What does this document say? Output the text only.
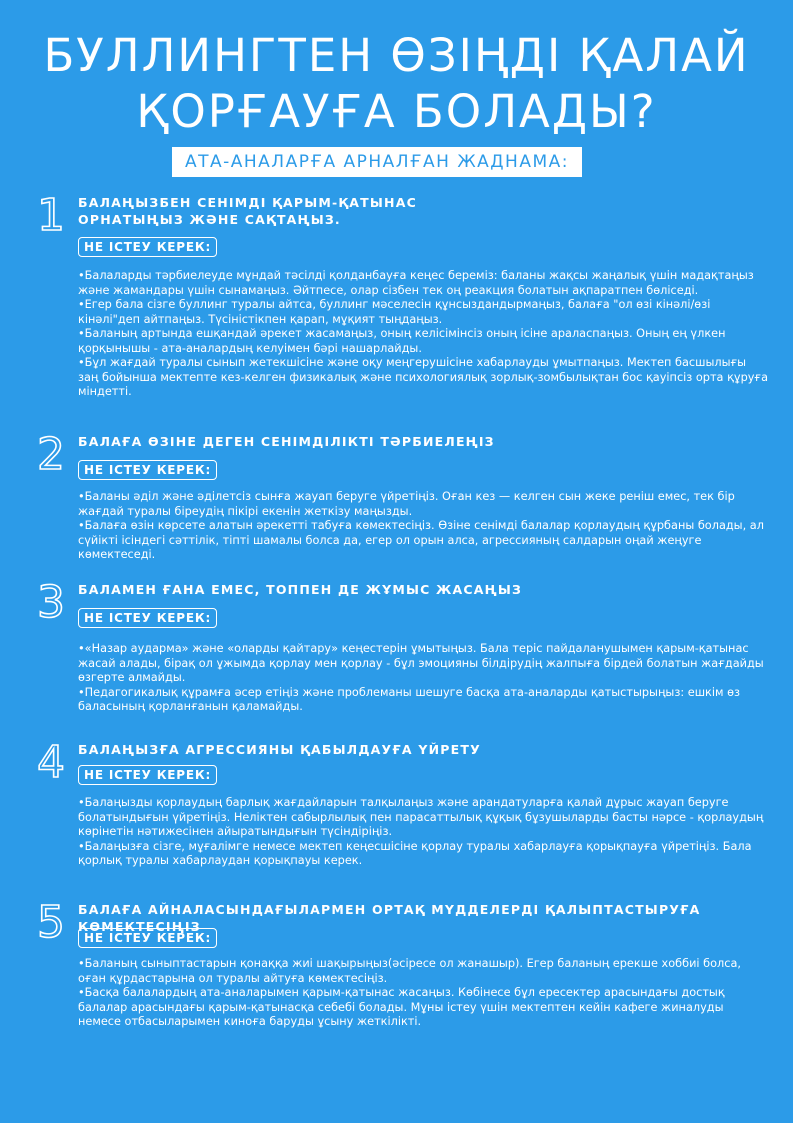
БУЛЛИНГТЕН ӨЗІҢДІ ҚАЛАЙ
ҚОРҒАУҒА БОЛАДЫ?
АТА-АНАЛАРҒА АРНАЛҒАН ЖАДНАМА:
1 БАЛАҢЫЗБЕН СЕНІМДІ ҚАРЫМ-ҚАТЫНАС
ОРНАТЫҢЫЗ ЖӘНЕ САҚТАҢЫЗ.
НЕ ІСТЕУ КЕРЕК:
•Балаларды тәрбиелеуде мұндай тәсілді қолданбауға кеңес береміз: баланы жақсы жаңалық үшін мадақтаңыз және жамандары үшін сынамаңыз. Әйтпесе, олар сізбен тек оң реакция болатын ақпаратпен бөліседі.
•Егер бала сізге буллинг туралы айтса, буллинг мәселесін құнсыздандырмаңыз, балаға "ол өзі кінәлі/өзі кінәлі"деп айтпаңыз. Түсіністікпен қарап, мұқият тыңдаңыз.
•Баланың артында ешқандай әрекет жасамаңыз, оның келісімінсіз оның ісіне араласпаңыз. Оның ең үлкен қорқынышы - ата-аналардың келуімен бәрі нашарлайды.
•Бұл жағдай туралы сынып жетекшісіне және оқу меңгерушісіне хабарлауды ұмытпаңыз. Мектеп басшылығы заң бойынша мектепте кез-келген физикалық және психологиялық зорлық-зомбылықтан бос қауіпсіз орта құруға міндетті.
2 БАЛАҒА ӨЗІНЕ ДЕГЕН СЕНІМДІЛІКТІ ТӘРБИЕЛЕҢІЗ
НЕ ІСТЕУ КЕРЕК:
•Баланы әділ және әділетсіз сынға жауап беруге үйретіңіз. Оған кез — келген сын жеке реніш емес, тек бір жағдай туралы біреудің пікірі екенін жеткізу маңызды.
•Балаға өзін көрсете алатын әрекетті табуға көмектесіңіз. Өзіне сенімді балалар қорлаудың құрбаны болады, ал сүйікті ісіндегі сәттілік, тіпті шамалы болса да, егер ол орын алса, агрессияның салдарын оңай жеңуге көмектеседі.
3 БАЛАМЕН ҒАНА ЕМЕС, ТОППЕН ДЕ ЖҰМЫС ЖАСАҢЫЗ
НЕ ІСТЕУ КЕРЕК:
•«Назар аудармa» және «оларды қайтару» кеңестерін ұмытыңыз. Бала теріс пайдаланушымен қарым-қатынас жасай алады, бірақ ол ұжымда қорлау мен қорлау - бұл эмоцияны білдірудің жалпыға бірдей болатын жағдайды өзгерте алмайды.
•Педагогикалық құрамға әсер етіңіз және проблеманы шешуге басқа ата-аналарды қатыстырыңыз: ешкім өз баласының қорланғанын қаламайды.
4 БАЛАҢЫЗҒА АГРЕССИЯНЫ ҚАБЫЛДАУҒА ҮЙРЕТУ
НЕ ІСТЕУ КЕРЕК:
•Балаңызды қорлаудың барлық жағдайларын талқылаңыз және арандатуларға қалай дұрыс жауап беруге болатындығын үйретіңіз. Неліктен сабырлылық пен парасаттылық құқық бұзушыларды басты нәрсе - қорлаудың көрінетін нәтижесінен айыратындығын түсіндіріңіз.
•Балаңызға сізге, мұғалімге немесе мектеп кеңесшісіне қорлау туралы хабарлауға қорықпауға үйретіңіз. Бала қорлық туралы хабарлаудан қорықпауы керек.
5 БАЛАҒА АЙНАЛАСЫНДАҒЫЛАРМЕН ОРТАҚ МҮДДЕЛЕРДІ ҚАЛЫПТАСТЫРУҒА КӨМЕКТЕСІҢІЗ
НЕ ІСТЕУ КЕРЕК:
•Баланың сыныптастарын қонаққа жиі шақырыңыз(әсіресе ол жанашыр). Егер баланың ерекше хоббиі болса, оған құрдастарына ол туралы айтуға көмектесіңіз.
•Басқа балалардың ата-аналарымен қарым-қатынас жасаңыз. Көбінесе бұл ересектер арасындағы достық балалар арасындағы қарым-қатынасқа себебі болады. Мұны істеу үшін мектептен кейін кафеге жиналуды немесе отбасыларымен киноға баруды ұсыну жеткілікті.
